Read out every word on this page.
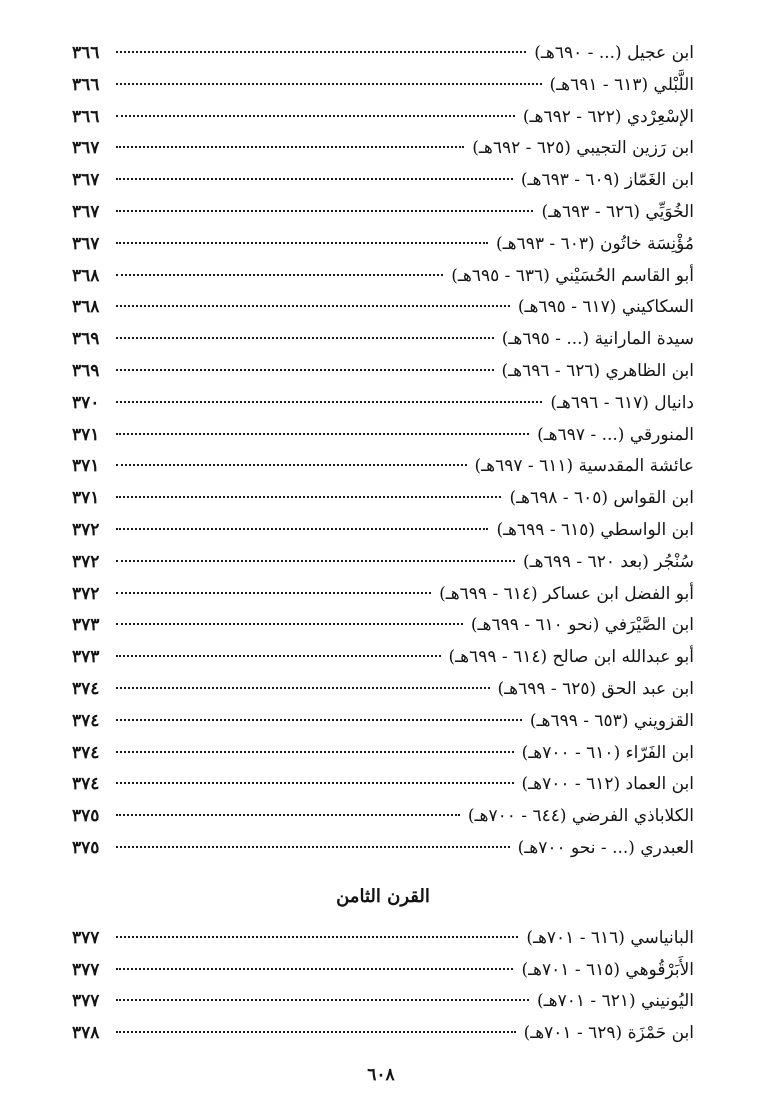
ابن عجيل (... - ٦٩٠هـ)
٣٦٦
اللَّبْلي (٦١٣ - ٦٩١هـ)
٣٦٦
الإسْعِرْدي (٦٢٢ - ٦٩٢هـ)
٣٦٦
ابن رَزين التجيبي (٦٢٥ - ٦٩٢هـ)
٣٦٧
ابن الغَمّاز (٦٠٩ - ٦٩٣هـ)
٣٦٧
الخُوَيِّي (٦٢٦ - ٦٩٣هـ)
٣٦٧
مُؤْنِسَة خاتُون (٦٠٣ - ٦٩٣هـ)
٣٦٧
أبو القاسم الحُسَيْني (٦٣٦ - ٦٩٥هـ)
٣٦٨
السكاكيني (٦١٧ - ٦٩٥هـ)
٣٦٨
سيدة المارانية (... - ٦٩٥هـ)
٣٦٩
ابن الظاهري (٦٢٦ - ٦٩٦هـ)
٣٦٩
دانيال (٦١٧ - ٦٩٦هـ)
٣٧٠
المنورقي (... - ٦٩٧هـ)
٣٧١
عائشة المقدسية (٦١١ - ٦٩٧هـ)
٣٧١
ابن القواس (٦٠٥ - ٦٩٨هـ)
٣٧١
ابن الواسطي (٦١٥ - ٦٩٩هـ)
٣٧٢
سُنْجُر (بعد ٦٢٠ - ٦٩٩هـ)
٣٧٢
أبو الفضل ابن عساكر (٦١٤ - ٦٩٩هـ)
٣٧٢
ابن الصَّيْرَفي (نحو ٦١٠ - ٦٩٩هـ)
٣٧٣
أبو عبدالله ابن صالح (٦١٤ - ٦٩٩هـ)
٣٧٣
ابن عبد الحق (٦٢٥ - ٦٩٩هـ)
٣٧٤
القزويني (٦٥٣ - ٦٩٩هـ)
٣٧٤
ابن الفَرّاء (٦١٠ - ٧٠٠هـ)
٣٧٤
ابن العماد (٦١٢ - ٧٠٠هـ)
٣٧٤
الكلاباذي الفرضي (٦٤٤ - ٧٠٠هـ)
٣٧٥
العبدري (... - نحو ٧٠٠هـ)
٣٧٥
القرن الثامن
البانياسي (٦١٦ - ٧٠١هـ)
٣٧٧
الأَبَرْقُوهي (٦١٥ - ٧٠١هـ)
٣٧٧
اليُونيني (٦٢١ - ٧٠١هـ)
٣٧٧
ابن حَمْزَة (٦٢٩ - ٧٠١هـ)
٣٧٨
٦٠٨
